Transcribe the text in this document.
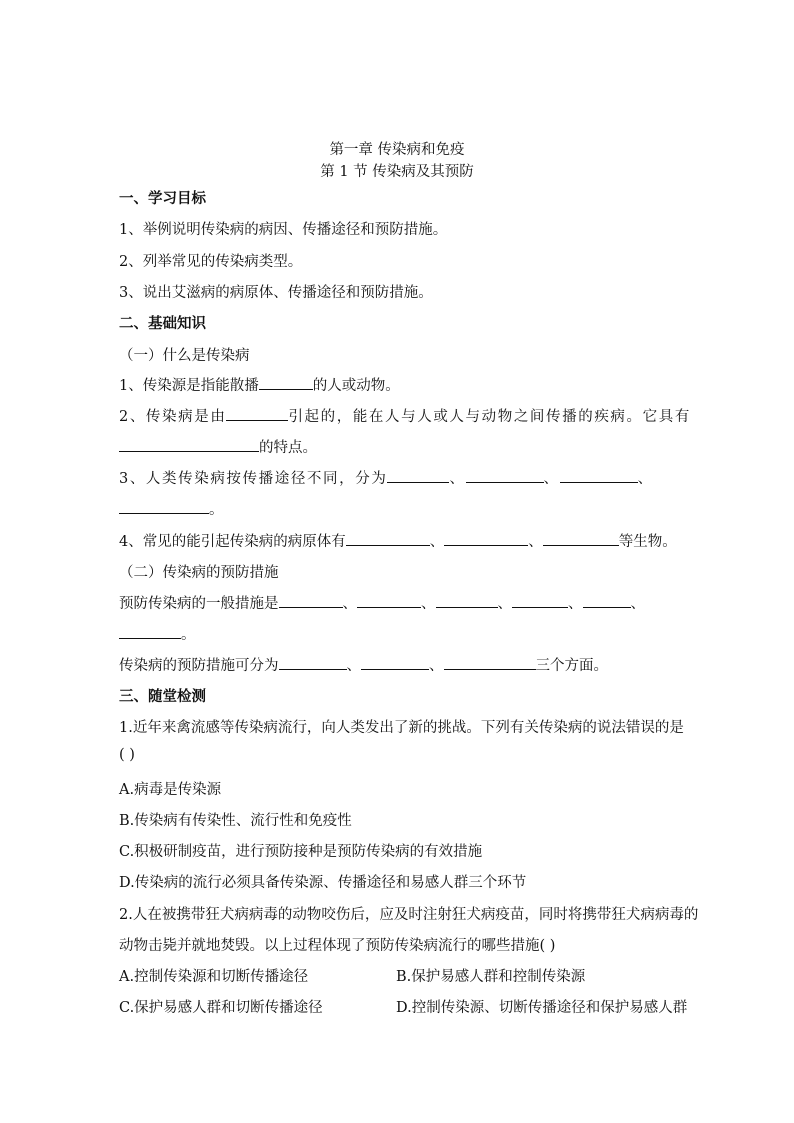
第一章 传染病和免疫
第 1 节 传染病及其预防
一、学习目标
1、举例说明传染病的病因、传播途径和预防措施。
2、列举常见的传染病类型。
3、说出艾滋病的病原体、传播途径和预防措施。
二、基础知识
（一）什么是传染病
1、传染源是指能散播	的人或动物。
2、传染病是由	引起的，能在人与人或人与动物之间传播的疾病。它具有
的特点。
3、人类传染病按传播途径不同，分为	、	、	、
。
4、常见的能引起传染病的病原体有	、	、	等生物。
（二）传染病的预防措施
预防传染病的一般措施是	、	、	、	、	、
。
传染病的预防措施可分为	、	、	三个方面。
三、随堂检测
1.近年来禽流感等传染病流行，向人类发出了新的挑战。下列有关传染病的说法错误的是
( )
A.病毒是传染源
B.传染病有传染性、流行性和免疫性
C.积极研制疫苗，进行预防接种是预防传染病的有效措施
D.传染病的流行必须具备传染源、传播途径和易感人群三个环节
2.人在被携带狂犬病病毒的动物咬伤后，应及时注射狂犬病疫苗，同时将携带狂犬病病毒的
动物击毙并就地焚毁。以上过程体现了预防传染病流行的哪些措施( )
A.控制传染源和切断传播途径	B.保护易感人群和控制传染源
C.保护易感人群和切断传播途径	D.控制传染源、切断传播途径和保护易感人群
